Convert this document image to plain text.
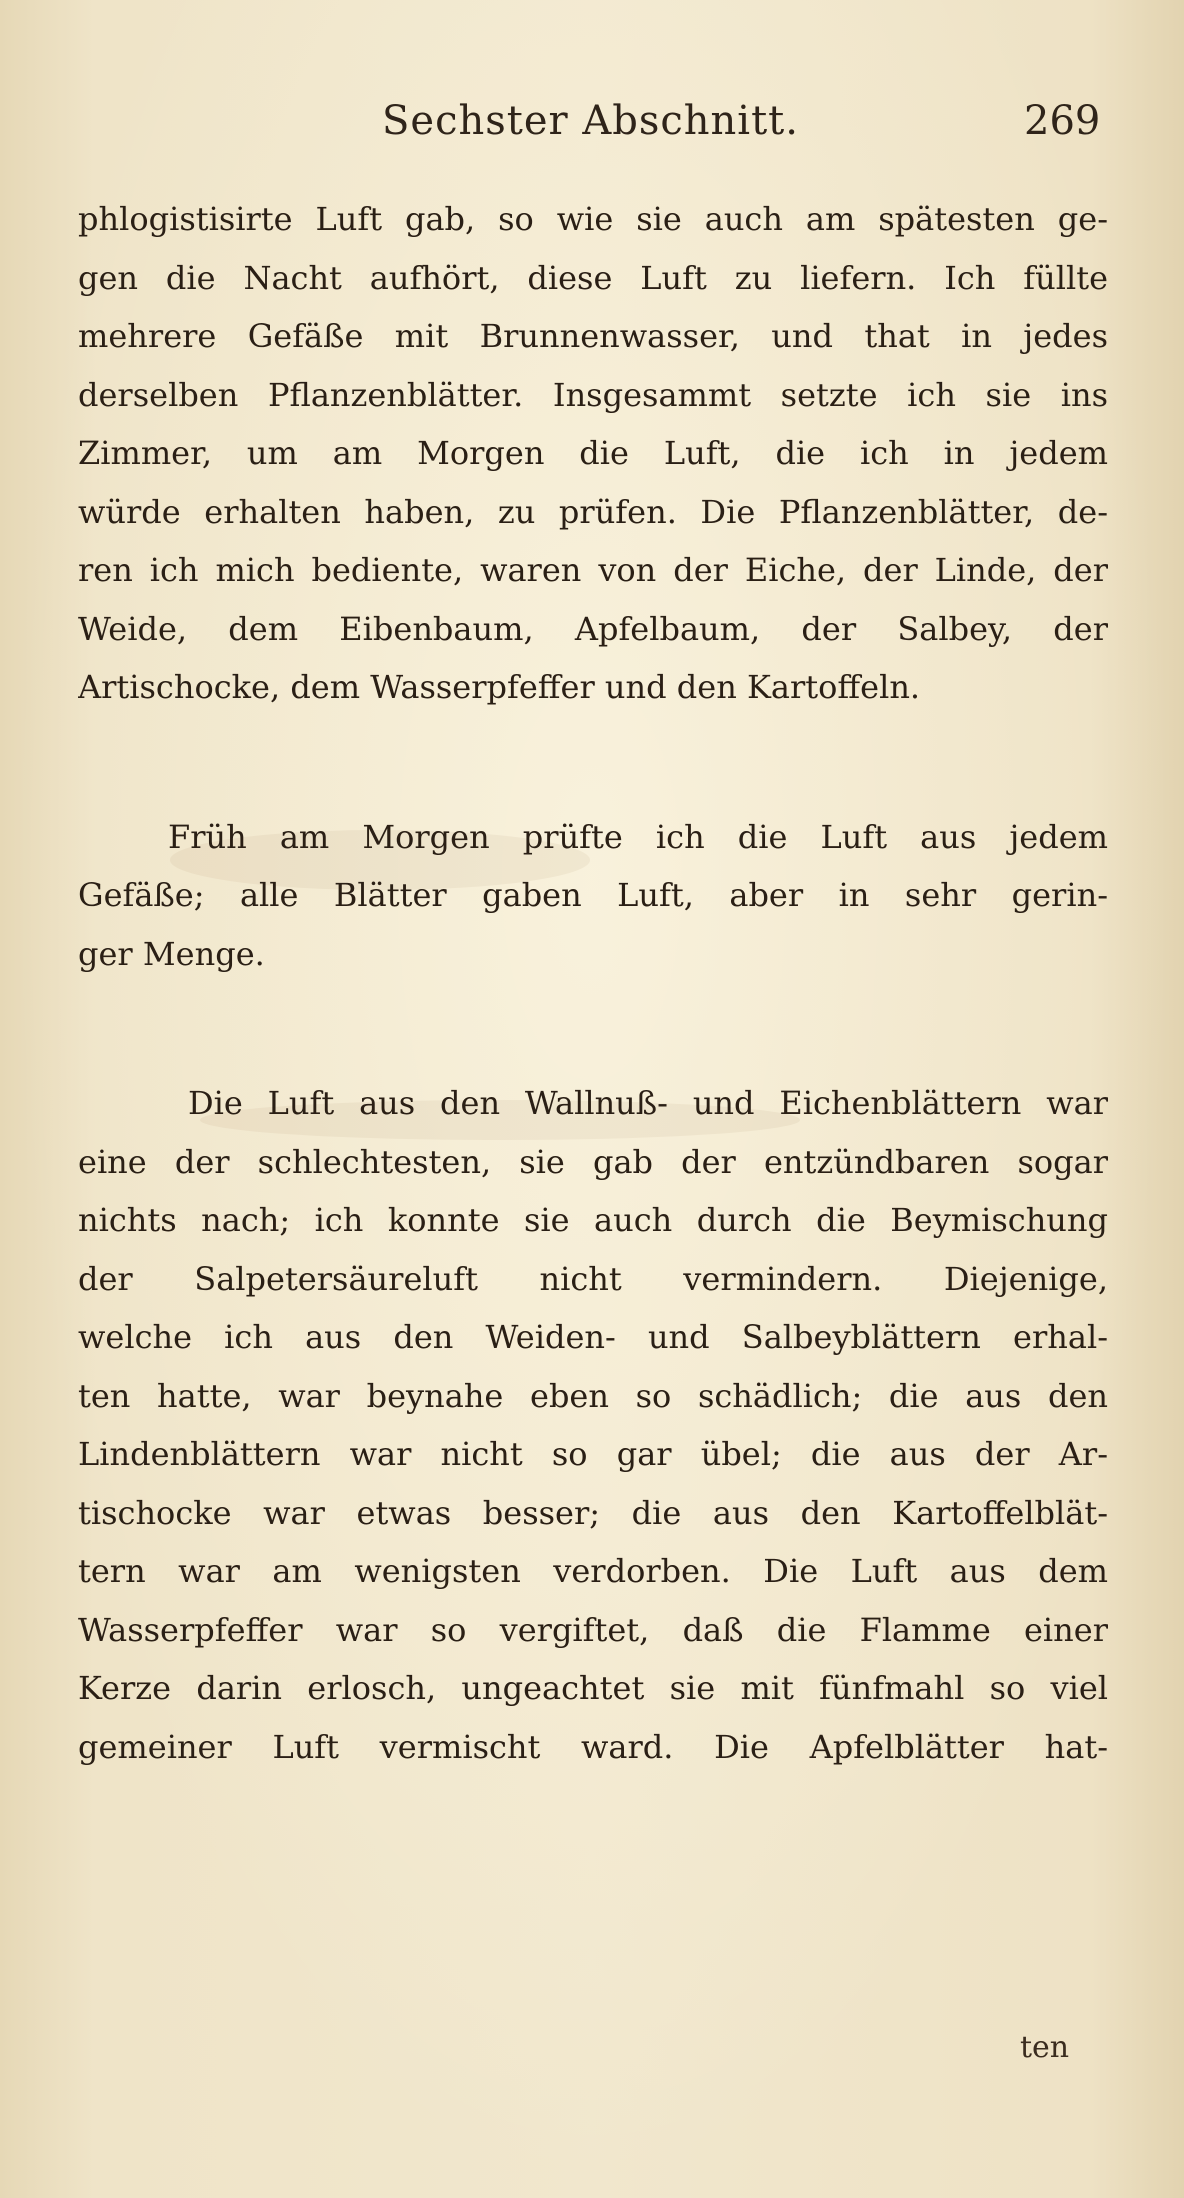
Sechster Abschnitt.	269
phlogistisirte Luft gab, so wie sie auch am spätesten ge-
gen die Nacht aufhört, diese Luft zu liefern. Ich füllte
mehrere Gefäße mit Brunnenwasser, und that in jedes
derselben Pflanzenblätter. Insgesammt setzte ich sie ins
Zimmer, um am Morgen die Luft, die ich in jedem
würde erhalten haben, zu prüfen. Die Pflanzenblätter, de-
ren ich mich bediente, waren von der Eiche, der Linde, der
Weide, dem Eibenbaum, Apfelbaum, der Salbey, der
Artischocke, dem Wasserpfeffer und den Kartoffeln.
Früh am Morgen prüfte ich die Luft aus jedem
Gefäße; alle Blätter gaben Luft, aber in sehr gerin-
ger Menge.
Die Luft aus den Wallnuß- und Eichenblättern war
eine der schlechtesten, sie gab der entzündbaren sogar
nichts nach; ich konnte sie auch durch die Beymischung
der Salpetersäureluft nicht vermindern. Diejenige,
welche ich aus den Weiden- und Salbeyblättern erhal-
ten hatte, war beynahe eben so schädlich; die aus den
Lindenblättern war nicht so gar übel; die aus der Ar-
tischocke war etwas besser; die aus den Kartoffelblät-
tern war am wenigsten verdorben. Die Luft aus dem
Wasserpfeffer war so vergiftet, daß die Flamme einer
Kerze darin erlosch, ungeachtet sie mit fünfmahl so viel
gemeiner Luft vermischt ward. Die Apfelblätter hat-
ten
